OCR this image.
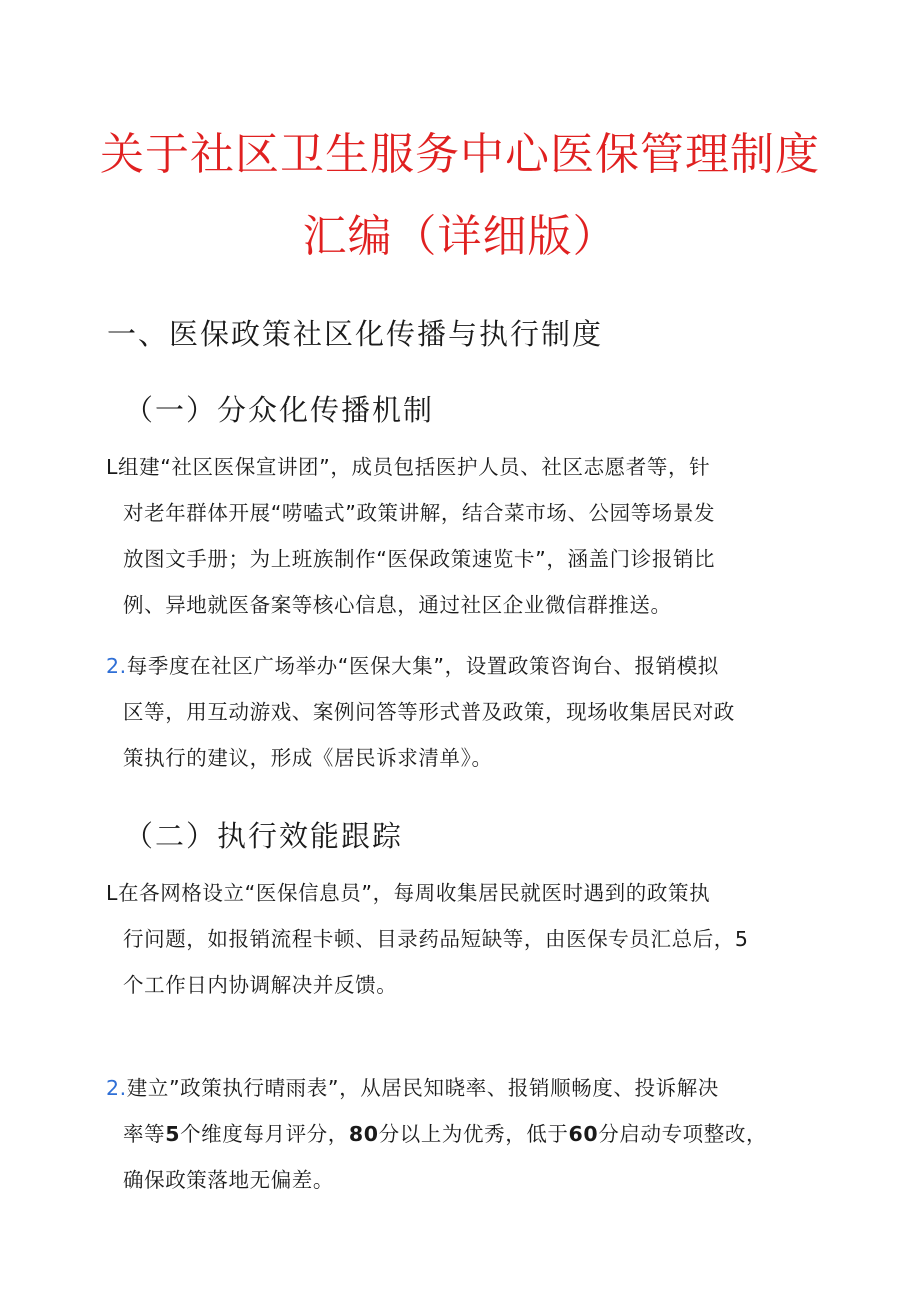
关于社区卫生服务中心医保管理制度
汇编（详细版）
一、医保政策社区化传播与执行制度
（一）分众化传播机制

L组建“社区医保宣讲团”，成员包括医护人员、社区志愿者等，针
对老年群体开展“唠嗑式”政策讲解，结合菜市场、公园等场景发
放图文手册；为上班族制作“医保政策速览卡”，涵盖门诊报销比
例、异地就医备案等核心信息，通过社区企业微信群推送。

2.每季度在社区广场举办“医保大集”，设置政策咨询台、报销模拟
区等，用互动游戏、案例问答等形式普及政策，现场收集居民对政
策执行的建议，形成《居民诉求清单》。

（二）执行效能跟踪

L在各网格设立“医保信息员”，每周收集居民就医时遇到的政策执
行问题，如报销流程卡顿、目录药品短缺等，由医保专员汇总后，5
个工作日内协调解决并反馈。

2.建立”政策执行晴雨表”，从居民知晓率、报销顺畅度、投诉解决
率等5个维度每月评分，80分以上为优秀，低于60分启动专项整改，
确保政策落地无偏差。
